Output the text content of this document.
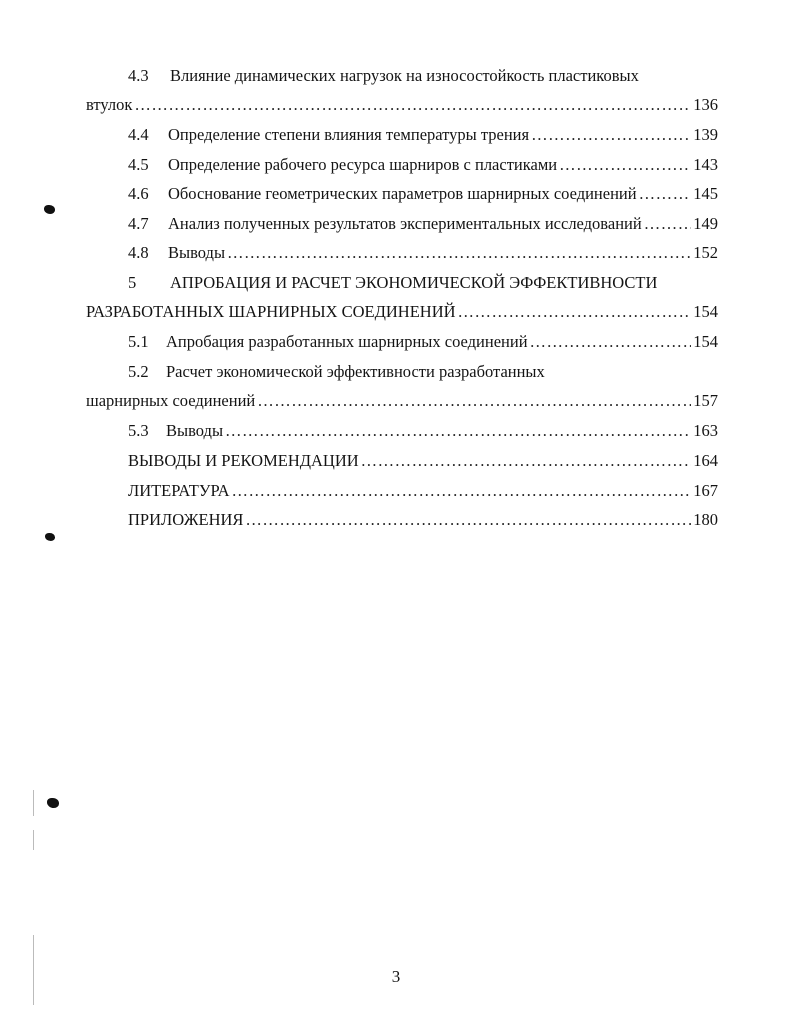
4.3 Влияние динамических нагрузок на износостойкость пластиковых
втулок ……………………………………………………………………………………………………………………………………………………………………	136
4.4	Определение степени влияния температуры трения ……………………………………………………………………………………………………………………………………………………………………	139
4.5	Определение рабочего ресурса шарниров с пластиками ……………………………………………………………………………………………………………………………………………………………………	143
4.6	Обоснование геометрических параметров шарнирных соединений ……………………………………………………………………………………………………………………………………………………………………	145
4.7	Анализ полученных результатов экспериментальных исследований ……………………………………………………………………………………………………………………………………………………………………	149
4.8	Выводы ……………………………………………………………………………………………………………………………………………………………………	152
5 АПРОБАЦИЯ И РАСЧЕТ ЭКОНОМИЧЕСКОЙ ЭФФЕКТИВНОСТИ
РАЗРАБОТАННЫХ ШАРНИРНЫХ СОЕДИНЕНИЙ ……………………………………………………………………………………………………………………………………………………………………	154
5.1	Апробация разработанных шарнирных соединений ……………………………………………………………………………………………………………………………………………………………………	154
5.2 Расчет экономической эффективности разработанных
шарнирных соединений ……………………………………………………………………………………………………………………………………………………………………	157
5.3	Выводы ……………………………………………………………………………………………………………………………………………………………………	163
ВЫВОДЫ И РЕКОМЕНДАЦИИ ……………………………………………………………………………………………………………………………………………………………………	164
ЛИТЕРАТУРА ……………………………………………………………………………………………………………………………………………………………………	167
ПРИЛОЖЕНИЯ ……………………………………………………………………………………………………………………………………………………………………	180
3
